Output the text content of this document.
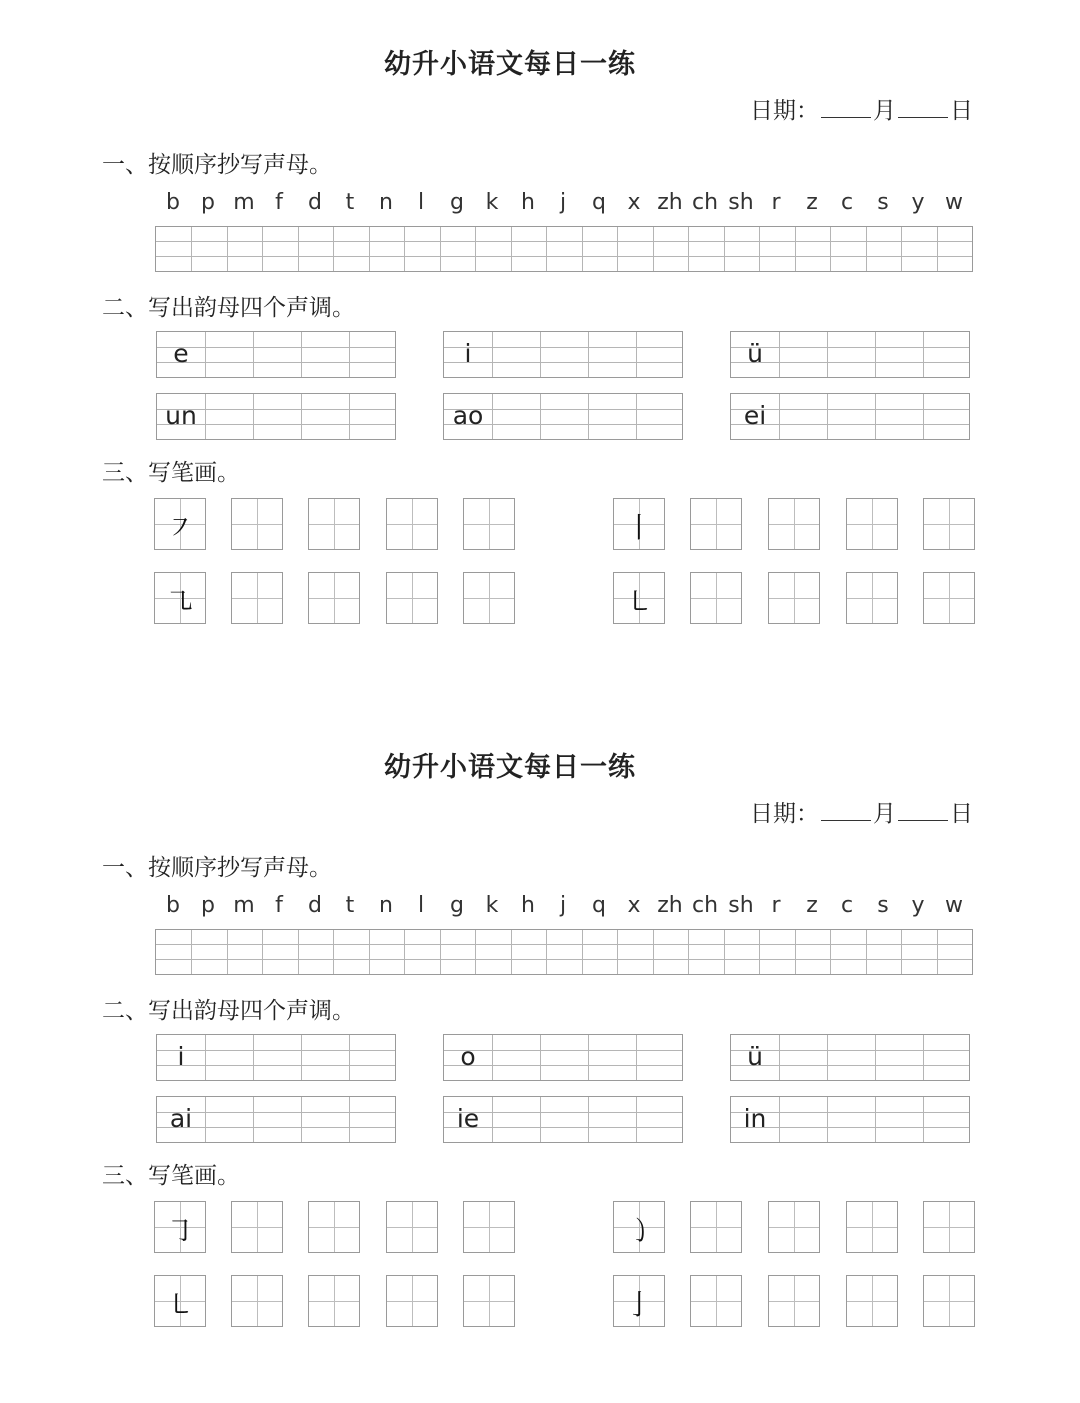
幼升小语文每日一练
日期： 月 日
一、按顺序抄写声母。
b p m f	d	t	n	l	g k	h	j	q x zh ch sh r	z	c	s	y w
二、写出韵母四个声调。
e	i	ü
un	ao	ei
三、写笔画。
㇇	丨
㇈	㇄
幼升小语文每日一练
日期： 月 日
一、按顺序抄写声母。
b p m f	d	t	n	l	g k	h	j	q x zh ch sh r	z	c	s	y w
二、写出韵母四个声调。
i	o	ü
ai	ie	in
三、写笔画。
㇆	㇁
㇄	亅
